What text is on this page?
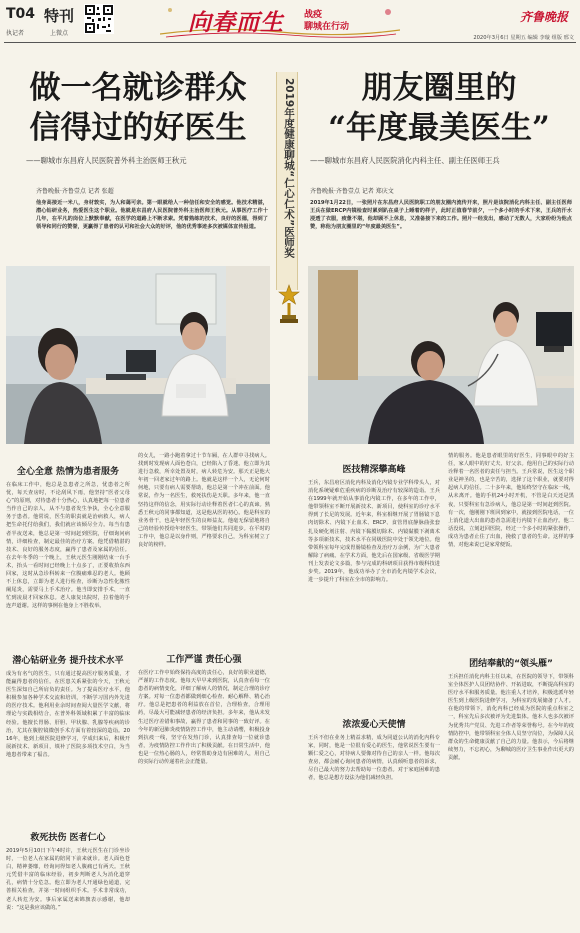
T04 特刊
执记者	上微点	向春而生 战疫
聊城在行动
齐鲁晚报
2020年3月6日 星期五 编辑 李璇 组版 邢文
2019年度健康聊城“仁心仁术”医师奖
做一名就诊群众
信得过的好医生
——聊城市东昌府人民医院普外科主治医师王秋元
齐鲁晚报·齐鲁壹点 记者 张超
他身高接近一米八，身材敦实，为人和蔼可亲。第一眼就给人一种信任和安全的感觉。他技术精湛，潜心钻研业务，热爱医生这个职业。他就是东昌府人民医院普外科主治医师王秋元。从事医疗工作十几年，在平凡的岗位上默默奉献，在医学的道路上不断求索。凭着熟练的技术，良好的医德，得到了领导和同行的赞誉，更赢得了患者的认可和社会大众的好评，他的优秀事迹多次被媒体宣传报道。
全心全意 热情为患者服务
在临床工作中，他总是急患者之所急，忧患者之所忧，每天查房时，不论刮风下雨，他坚持“医者父母心”的原则，对待患者十分热心，认真地把每一位患者当作自己的亲人，从不与患者发生争执，全心全意服务于患者。他常说，医生的职责就是治病救人，病人把生命托付给我们，我们就应该倾尽全力。每当有患者半夜送来，他总是第一时间赶到医院，仔细询问病情，详细检查，制定最佳的治疗方案。他凭借精湛的技术、良好的服务态度，赢得了患者及家属的信任。在去年冬季的一个晚上，王秋元医生刚刚结束一台手术，抬头一看时间已经晚上十点多了，正要收拾东西回家，这时从急诊科转来一位腹痛难忍的老人。他顾不上休息，立即为老人进行检查，诊断为急性化脓性阑尾炎，需要马上手术治疗。他当即安排手术，一直忙到凌晨才回家休息。老人康复出院时，拉着他的手连声道谢。这样的事例在他身上不胜枚举。
潜心钻研业务 提升技术水平
成为有名气的医生，只有通过提高医疗服务质量，才能赢得患者的信任。在医患关系紧张的今天，王秋元医生深知自己所肩负的责任。为了提高医疗水平，他积极参加各种学术交流和培训，不断学习国内外先进的医疗技术。他利用业余时间查阅大量医学文献，将理论与实践相结合，在普外科领域积累了丰富的临床经验。他擅长胃肠、肝胆、甲状腺、乳腺等疾病的诊治，尤其在腹腔镜微创手术方面有着较深的造诣。2016年，他到上级医院进修学习，学成归来后，积极开展新技术、新项目，填补了医院多项技术空白，为当地患者带来了福音。
救死扶伤 医者仁心
2019年5月10日下午4时许，王秋元医生在门诊坐诊时，一位老人在家属的陪同下前来就诊。老人面色苍白，精神萎靡，经询问得知老人腹痛已有两天。王秋元凭借丰富的临床经验，初步判断老人为消化道穿孔，病情十分危急。他立即为老人开通绿色通道，完善相关检查，并第一时间组织手术。手术非常成功，老人转危为安。事后家属送来锦旗表示感谢，他却说：“这是我应该做的。”
的女儿，一路小跑着拿过十节车厢，在人群中寻找病人。找到时发现病人面色苍白，已经陷入了昏迷。他立即为其进行急救，所幸处置及时，病人转危为安。那天正是他大年初一回老家过年的路上。他就是这样一个人，无论何时何地，只要有病人需要帮助，他总是第一个冲在前面。他常说，作为一名医生，救死扶伤是天职。多年来，他一直坚持这样的信念，用实际行动诠释着医者仁心的真谛。熟悉王秋元的同事都知道，这是他从医的初心。他是科室的业务骨干，也是年轻医生的良师益友。他毫无保留地将自己的经验传授给年轻医生，带领他们共同进步。在平时的工作中，他总是以身作则，严格要求自己，为科室树立了良好的榜样。
工作严谨 责任心强
在医疗工作中始终保持高度的责任心，良好的职业道德，严谨的工作态度。他每天早早来到医院，认真查看每一位患者的病情变化，详细了解病人的情况，制定合理的诊疗方案。对每一位患者都做到细心检查、耐心解释、精心治疗。他总是把患者的利益放在首位，合理检查，合理用药，尽最大可能减轻患者的经济负担。多年来，他从未发生过医疗差错和事故，赢得了患者和同事的一致好评。在今年的新冠肺炎疫情防控工作中，他主动请缨，积极投身到抗疫一线，坚守在发热门诊，认真排查每一位就诊患者，为疫情防控工作作出了积极贡献。在日常生活中，他也是一位热心肠的人，经常帮助身边有困难的人，用自己的实际行动传递着社会正能量。
朋友圈里的
“年度最美医生”
——聊城市东昌府人民医院消化内科主任、副主任医师王兵
齐鲁晚报·齐鲁壹点 记者 郑庆文
2019年1月22日，一张照片在东昌府人民医院职工的朋友圈内流传开来，照片是该院消化内科主任、副主任医师王兵在做ERCP内镜检查时累到趴在桌子上睡着的样子，此时正值春节前夕，一个多小时的手术下来，王兵的汗水浸透了衣服，疲惫不堪，他却顾不上休息，又准备接下来的工作。照片一经发出，感动了无数人，大家纷纷为他点赞，称他为朋友圈里的“年度最美医生”。
医技精深攀高峰
王兵，东昌府区消化内科及消化内镜专业学科带头人，对消化系统疑难危重疾病的诊断及治疗有较深的造诣。王兵在1999年就开始从事消化内镜工作，在多年的工作中，他带领科室不断开展新技术、新项目，使科室的诊疗水平得到了长足的发展。近年来，科室相继开展了胃肠镜下息肉切除术、内镜下止血术、ERCP、食管胃底静脉曲张套扎及硬化剂注射、内镜下黏膜切除术、内镜黏膜下剥离术等多项新技术，技术水平在同级医院中处于领先地位。他带领科室每年完成胃肠镜检查及治疗万余例，为广大患者解除了病痛。在学术方面，他先后在国家级、省级医学期刊上发表论文多篇，参与完成的科研项目获得市级科技进步奖。2019年，他成功举办了全市消化内镜学术会议，进一步提升了科室在全市的影响力。
浓浓爱心天使情
王兵不但在业务上精益求精，成为同道公认的消化内科专家，同时，他是一位很有爱心的医生，他常说医生要有一颗仁爱之心，对待病人要像对待自己的亲人一样。他每次查房，都会耐心询问患者的病情，认真倾听患者的诉求，尽自己最大的努力去帮助每一位患者。对于家庭困难的患者，他总是想方设法为他们减轻负担。
情的服务。他是患者眼里的好医生，同事眼中的好主任，家人眼中的好丈夫、好父亲。他用自己的实际行动诠释着一名医者的责任与担当。王兵常说，医生这个职业是神圣的，也是辛苦的，选择了这个职业，就要对得起病人的信任。二十多年来，他始终坚守在临床一线，从未离开。他的手机24小时开机，不管是白天还是黑夜，只要科室有急诊病人，他总是第一时间赶到医院。有一次，他刚刚下班回到家中，就接到医院电话，一位上消化道大出血的患者急需进行内镜下止血治疗。他二话没说，立刻赶回医院，经过一个多小时的紧张操作，成功为患者止住了出血，挽救了患者的生命。这样的事情，对他来说已是家常便饭。
团结奉献的“领头雁”
王兵担任消化内科主任以来，在医院的领导下，带领科室全体医护人员团结协作、开拓进取，不断提高科室的医疗水平和服务质量。他注重人才培养，积极选派年轻医生到上级医院进修学习，为科室的发展储备了人才。在他的带领下，消化内科已经成为医院的重点科室之一，科室先后多次被评为先进集体。他本人也多次被评为优秀共产党员、先进工作者等荣誉称号。在今年的疫情防控中，他带领科室全体人员坚守岗位，为保障人民群众的生命健康贡献了自己的力量。他表示，今后将继续努力，不忘初心，为聊城的医疗卫生事业作出更大的贡献。
